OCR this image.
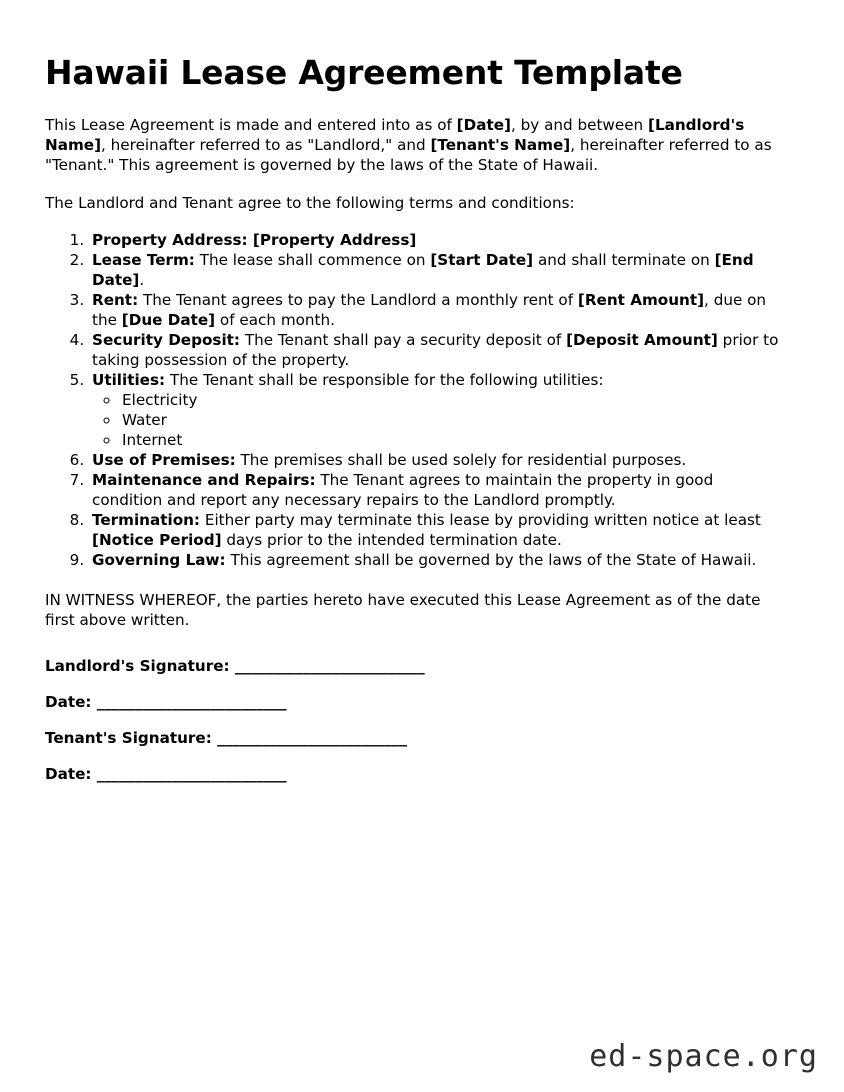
Hawaii Lease Agreement Template

This Lease Agreement is made and entered into as of [Date], by and between [Landlord's Name], hereinafter referred to as "Landlord," and [Tenant's Name], hereinafter referred to as "Tenant." This agreement is governed by the laws of the State of Hawaii.

The Landlord and Tenant agree to the following terms and conditions:

1. Property Address: [Property Address]
2. Lease Term: The lease shall commence on [Start Date] and shall terminate on [End Date].
3. Rent: The Tenant agrees to pay the Landlord a monthly rent of [Rent Amount], due on the [Due Date] of each month.
4. Security Deposit: The Tenant shall pay a security deposit of [Deposit Amount] prior to taking possession of the property.
5. Utilities: The Tenant shall be responsible for the following utilities:
◦ Electricity
◦ Water
◦ Internet
6. Use of Premises: The premises shall be used solely for residential purposes.
7. Maintenance and Repairs: The Tenant agrees to maintain the property in good condition and report any necessary repairs to the Landlord promptly.
8. Termination: Either party may terminate this lease by providing written notice at least [Notice Period] days prior to the intended termination date.
9. Governing Law: This agreement shall be governed by the laws of the State of Hawaii.

IN WITNESS WHEREOF, the parties hereto have executed this Lease Agreement as of the date first above written.

Landlord's Signature: _________________________
Date: _________________________
Tenant's Signature: _________________________
Date: _________________________
ed-space.org
